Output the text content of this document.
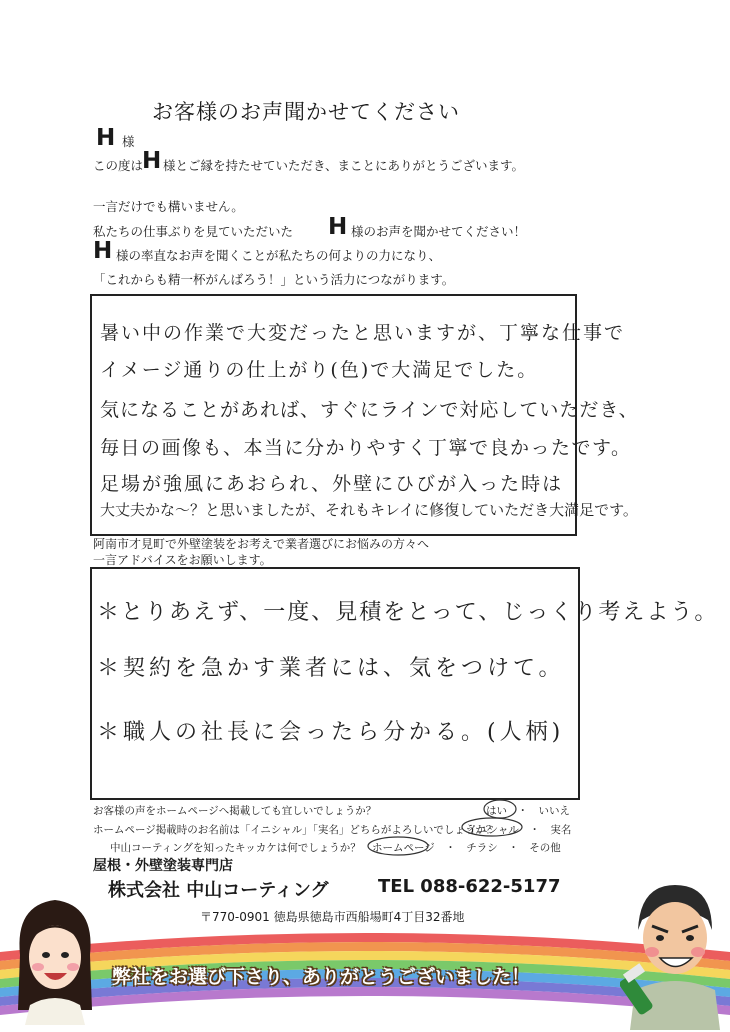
お客様のお声聞かせてください
H 様
この度は
H 様とご縁を持たせていただき、まことにありがとうございます。
一言だけでも構いません。
私たちの仕事ぶりを見ていただいた H 様のお声を聞かせてください！
H 様の率直なお声を聞くことが私たちの何よりの力になり、
「これからも精一杯がんばろう！」という活力につながります。
暑い中の作業で大変だったと思いますが、丁寧な仕事で
イメージ通りの仕上がり(色)で大満足でした。
気になることがあれば、すぐにラインで対応していただき、
毎日の画像も、本当に分かりやすく丁寧で良かったです。
足場が強風にあおられ、外壁にひびが入った時は
大丈夫かな～？と思いましたが、それもキレイに修復していただき大満足です。
阿南市才見町で外壁塗装をお考えで業者選びにお悩みの方々へ
一言アドバイスをお願いします。
＊とりあえず、一度、見積をとって、じっくり考えよう。
＊契約を急かす業者には、気をつけて。
＊職人の社長に会ったら分かる。(人柄)
お客様の声をホームページへ掲載しても宜しいでしょうか？	はい　・　いいえ
ホームページ掲載時のお名前は「イニシャル」「実名」どちらがよろしいでしょうか？
イニシャル　・　実名
中山コーティングを知ったキッカケは何でしょうか？ ホームページ　・　チラシ　・　その他
屋根・外壁塗装専門店
株式会社 中山コーティング	TEL 088-622-5177
〒770-0901 徳島県徳島市西船場町4丁目32番地
弊社をお選び下さり、ありがとうございました！
